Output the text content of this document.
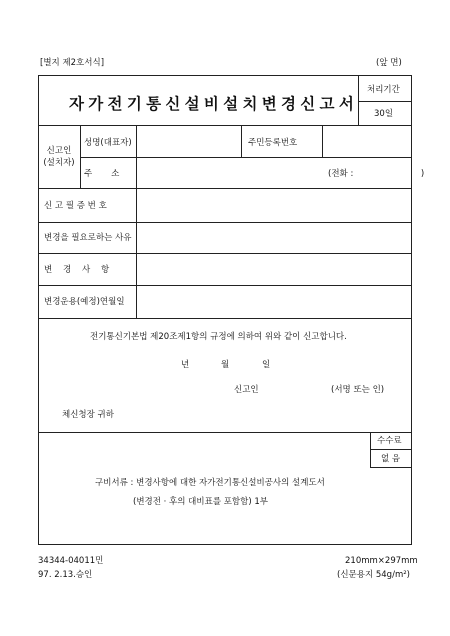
[별지 제2호서식]	(앞 면)
자가전기통신설비설치변경신고서
처리기간
30일
신고인
(설치자)
성명(대표자)	주민등록번호
주       소	(전화 :                         )
신 고 필 증 번 호
변경을 필요로하는 사유
변    경    사    항
변경운용(예정)연월일
전기통신기본법 제20조제1항의 규정에 의하여 위와 같이 신고합니다.
년	월	일
신고인	(서명 또는 인)
체신청장 귀하
수수료
없 음
구비서류 : 변경사항에 대한 자가전기통신설비공사의 설계도서
(변경전 · 후의 대비표를 포함함) 1부
34344-04011민
97. 2.13.승인
210mm×297mm
(신문용지 54g/m²)
